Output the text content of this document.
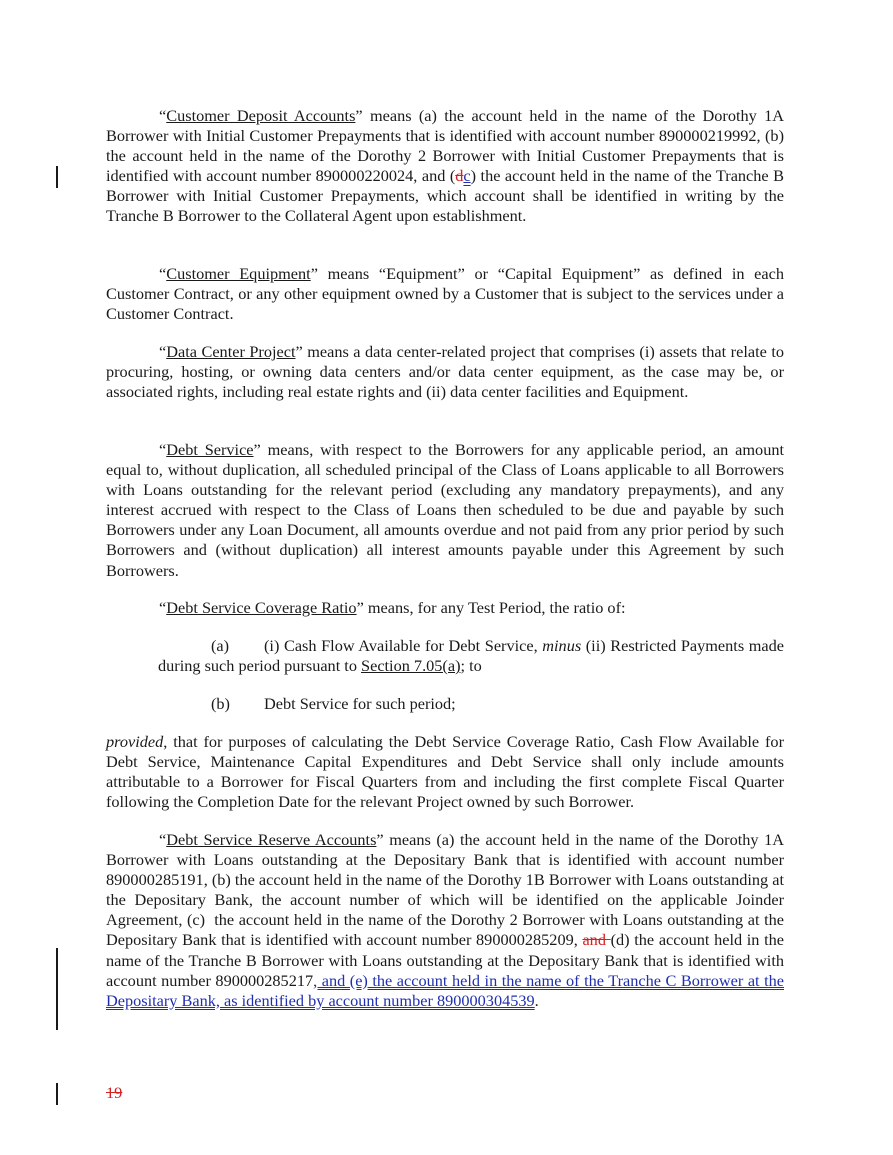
“Customer Deposit Accounts” means (a) the account held in the name of the Dorothy 1A Borrower with Initial Customer Prepayments that is identified with account number 890000219992, (b) the account held in the name of the Dorothy 2 Borrower with Initial Customer Prepayments that is identified with account number 890000220024, and (dc) the account held in the name of the Tranche B Borrower with Initial Customer Prepayments, which account shall be identified in writing by the Tranche B Borrower to the Collateral Agent upon establishment.

“Customer Equipment” means “Equipment” or “Capital Equipment” as defined in each Customer Contract, or any other equipment owned by a Customer that is subject to the services under a Customer Contract.

“Data Center Project” means a data center-related project that comprises (i) assets that relate to procuring, hosting, or owning data centers and/or data center equipment, as the case may be, or associated rights, including real estate rights and (ii) data center facilities and Equipment.

“Debt Service” means, with respect to the Borrowers for any applicable period, an amount equal to, without duplication, all scheduled principal of the Class of Loans applicable to all Borrowers with Loans outstanding for the relevant period (excluding any mandatory prepayments), and any interest accrued with respect to the Class of Loans then scheduled to be due and payable by such Borrowers under any Loan Document, all amounts overdue and not paid from any prior period by such Borrowers and (without duplication) all interest amounts payable under this Agreement by such Borrowers.

“Debt Service Coverage Ratio” means, for any Test Period, the ratio of:

(a) (i) Cash Flow Available for Debt Service, minus (ii) Restricted Payments made during such period pursuant to Section 7.05(a); to

(b) Debt Service for such period;

provided, that for purposes of calculating the Debt Service Coverage Ratio, Cash Flow Available for Debt Service, Maintenance Capital Expenditures and Debt Service shall only include amounts attributable to a Borrower for Fiscal Quarters from and including the first complete Fiscal Quarter following the Completion Date for the relevant Project owned by such Borrower.

“Debt Service Reserve Accounts” means (a) the account held in the name of the Dorothy 1A Borrower with Loans outstanding at the Depositary Bank that is identified with account number 890000285191, (b) the account held in the name of the Dorothy 1B Borrower with Loans outstanding at the Depositary Bank, the account number of which will be identified on the applicable Joinder Agreement, (c)  the account held in the name of the Dorothy 2 Borrower with Loans outstanding at the Depositary Bank that is identified with account number 890000285209, and (d) the account held in the name of the Tranche B Borrower with Loans outstanding at the Depositary Bank that is identified with account number 890000285217, and (e) the account held in the name of the Tranche C Borrower at the Depositary Bank, as identified by account number 890000304539.

19
